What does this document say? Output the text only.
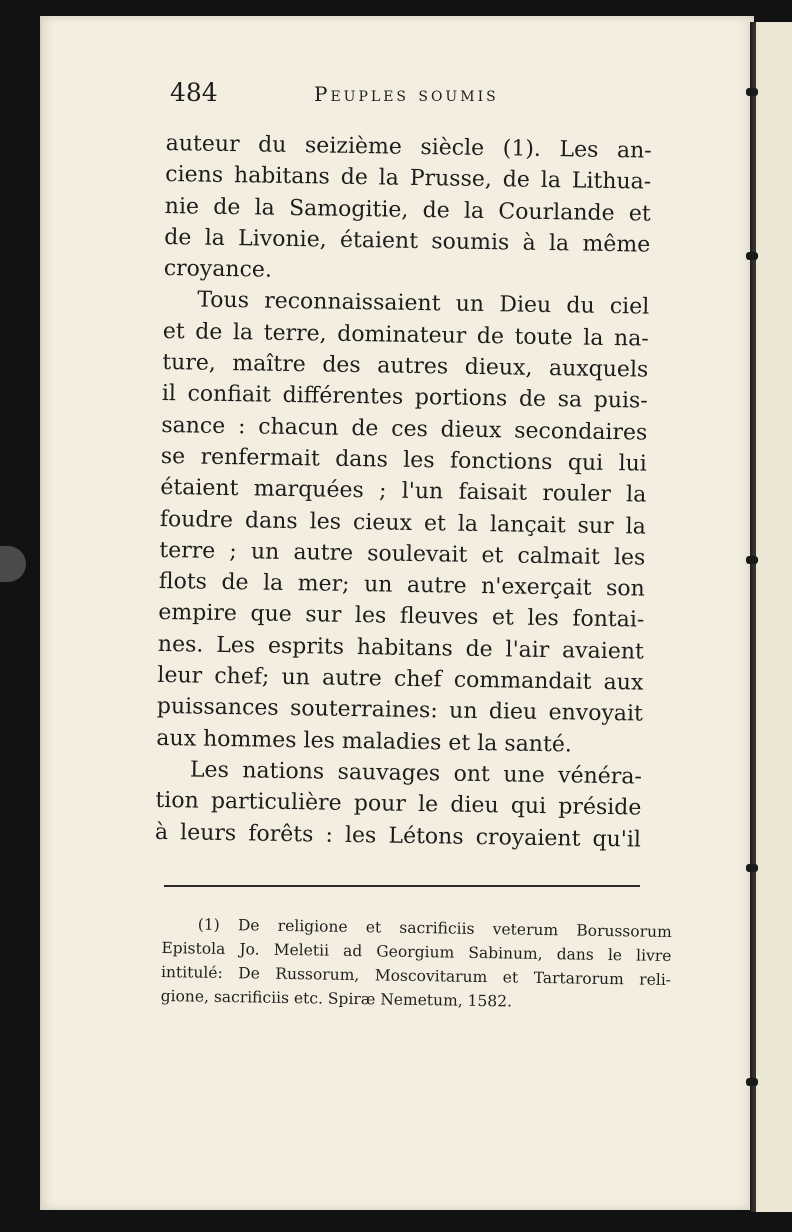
484	Peuples soumis

auteur du seizième siècle (1). Les an-
ciens habitans de la Prusse, de la Lithua-
nie de la Samogitie, de la Courlande et
de la Livonie, étaient soumis à la même
croyance.

Tous reconnaissaient un Dieu du ciel
et de la terre, dominateur de toute la na-
ture, maître des autres dieux, auxquels
il confiait différentes portions de sa puis-
sance : chacun de ces dieux secondaires
se renfermait dans les fonctions qui lui
étaient marquées ; l'un faisait rouler la
foudre dans les cieux et la lançait sur la
terre ; un autre soulevait et calmait les
flots de la mer; un autre n'exerçait son
empire que sur les fleuves et les fontai-
nes. Les esprits habitans de l'air avaient
leur chef; un autre chef commandait aux
puissances souterraines: un dieu envoyait
aux hommes les maladies et la santé.

Les nations sauvages ont une vénéra-
tion particulière pour le dieu qui préside
à leurs forêts : les Létons croyaient qu'il

(1) De religione et sacrificiis veterum Borussorum
Epistola Jo. Meletii ad Georgium Sabinum, dans le livre
intitulé: De Russorum, Moscovitarum et Tartarorum reli-
gione, sacrificiis etc. Spiræ Nemetum, 1582.
